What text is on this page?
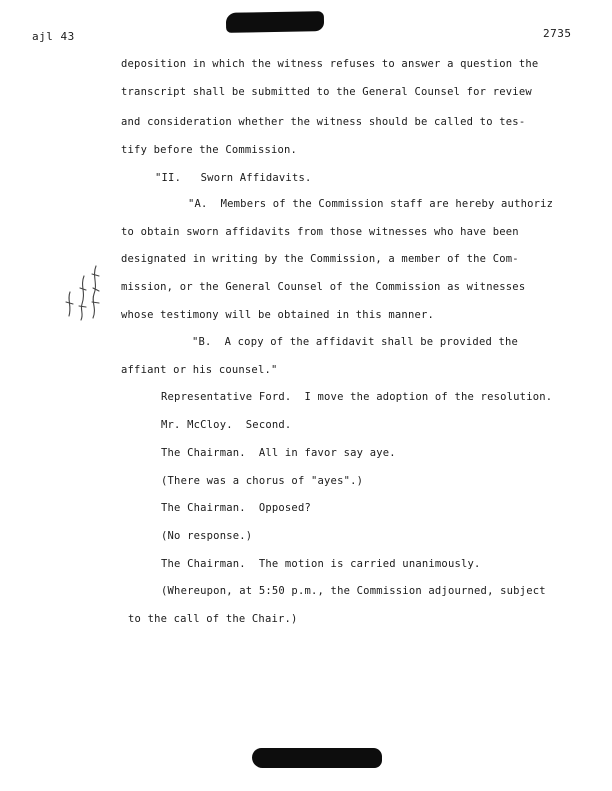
ajl 43	2735
deposition in which the witness refuses to answer a question the
transcript shall be submitted to the General Counsel for review
and consideration whether the witness should be called to tes-
tify before the Commission.
"II.   Sworn Affidavits.
"A.  Members of the Commission staff are hereby authoriz
to obtain sworn affidavits from those witnesses who have been
designated in writing by the Commission, a member of the Com-
mission, or the General Counsel of the Commission as witnesses
whose testimony will be obtained in this manner.
"B.  A copy of the affidavit shall be provided the
affiant or his counsel."
Representative Ford.  I move the adoption of the resolution.
Mr. McCloy.  Second.
The Chairman.  All in favor say aye.
(There was a chorus of "ayes".)
The Chairman.  Opposed?
(No response.)
The Chairman.  The motion is carried unanimously.
(Whereupon, at 5:50 p.m., the Commission adjourned, subject
to the call of the Chair.)
